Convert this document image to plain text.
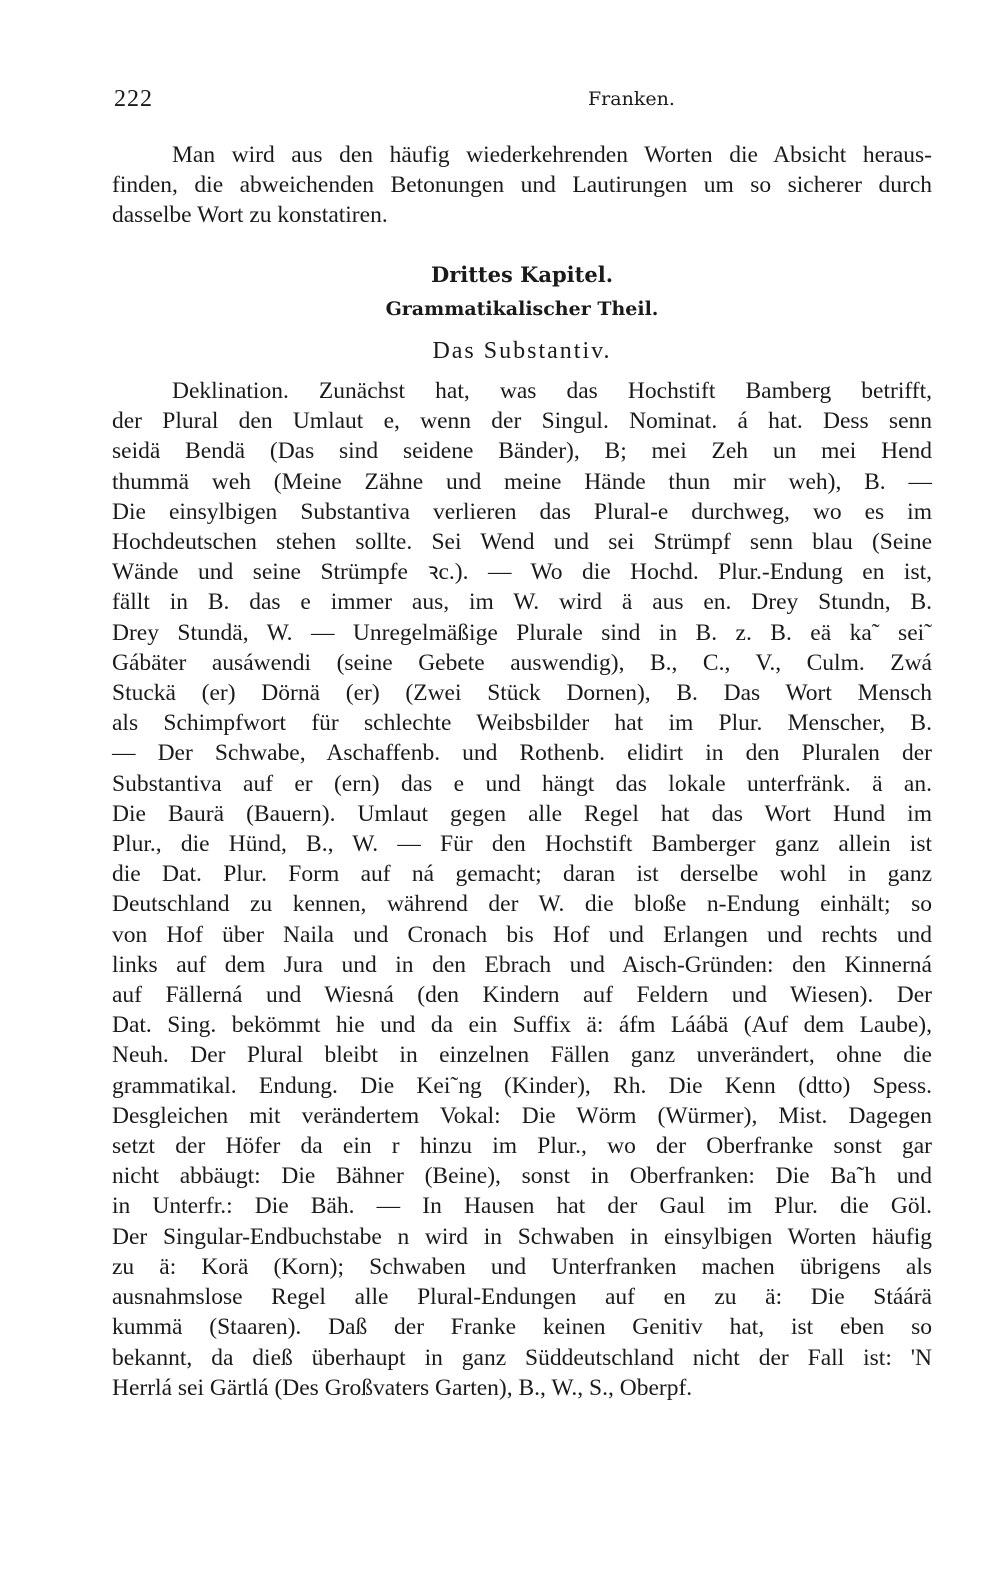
222	Franken.
Man wird aus den häufig wiederkehrenden Worten die Absicht heraus-
finden, die abweichenden Betonungen und Lautirungen um so sicherer durch
dasselbe Wort zu konstatiren.
Drittes Kapitel.
Grammatikalischer Theil.
Das Substantiv.
Deklination. Zunächst hat, was das Hochstift Bamberg betrifft,
der Plural den Umlaut e, wenn der Singul. Nominat. á hat. Dess senn
seidä Bendä (Das sind seidene Bänder), B; mei Zeh un mei Hend
thummä weh (Meine Zähne und meine Hände thun mir weh), B. —
Die einsylbigen Substantiva verlieren das Plural-e durchweg, wo es im
Hochdeutschen stehen sollte. Sei Wend und sei Strümpf senn blau (Seine
Wände und seine Strümpfe ꝛc.). — Wo die Hochd. Plur.-Endung en ist,
fällt in B. das e immer aus, im W. wird ä aus en. Drey Stundn, B.
Drey Stundä, W. — Unregelmäßige Plurale sind in B. z. B. eä ka˜ sei˜
Gábäter ausáwendi (seine Gebete auswendig), B., C., V., Culm. Zwá
Stuckä (er) Dörnä (er) (Zwei Stück Dornen), B. Das Wort Mensch
als Schimpfwort für schlechte Weibsbilder hat im Plur. Menscher, B.
— Der Schwabe, Aschaffenb. und Rothenb. elidirt in den Pluralen der
Substantiva auf er (ern) das e und hängt das lokale unterfränk. ä an.
Die Baurä (Bauern). Umlaut gegen alle Regel hat das Wort Hund im
Plur., die Hünd, B., W. — Für den Hochstift Bamberger ganz allein ist
die Dat. Plur. Form auf ná gemacht; daran ist derselbe wohl in ganz
Deutschland zu kennen, während der W. die bloße n-Endung einhält; so
von Hof über Naila und Cronach bis Hof und Erlangen und rechts und
links auf dem Jura und in den Ebrach und Aisch-Gründen: den Kinnerná
auf Fällerná und Wiesná (den Kindern auf Feldern und Wiesen). Der
Dat. Sing. bekömmt hie und da ein Suffix ä: áfm Láábä (Auf dem Laube),
Neuh. Der Plural bleibt in einzelnen Fällen ganz unverändert, ohne die
grammatikal. Endung. Die Kei˜ng (Kinder), Rh. Die Kenn (dtto) Spess.
Desgleichen mit verändertem Vokal: Die Wörm (Würmer), Mist. Dagegen
setzt der Höfer da ein r hinzu im Plur., wo der Oberfranke sonst gar
nicht abbäugt: Die Bähner (Beine), sonst in Oberfranken: Die Ba˜h und
in Unterfr.: Die Bäh. — In Hausen hat der Gaul im Plur. die Göl.
Der Singular-Endbuchstabe n wird in Schwaben in einsylbigen Worten häufig
zu ä: Korä (Korn); Schwaben und Unterfranken machen übrigens als
ausnahmslose Regel alle Plural-Endungen auf en zu ä: Die Stáárä
kummä (Staaren). Daß der Franke keinen Genitiv hat, ist eben so
bekannt, da dieß überhaupt in ganz Süddeutschland nicht der Fall ist: 'N
Herrlá sei Gärtlá (Des Großvaters Garten), B., W., S., Oberpf.
